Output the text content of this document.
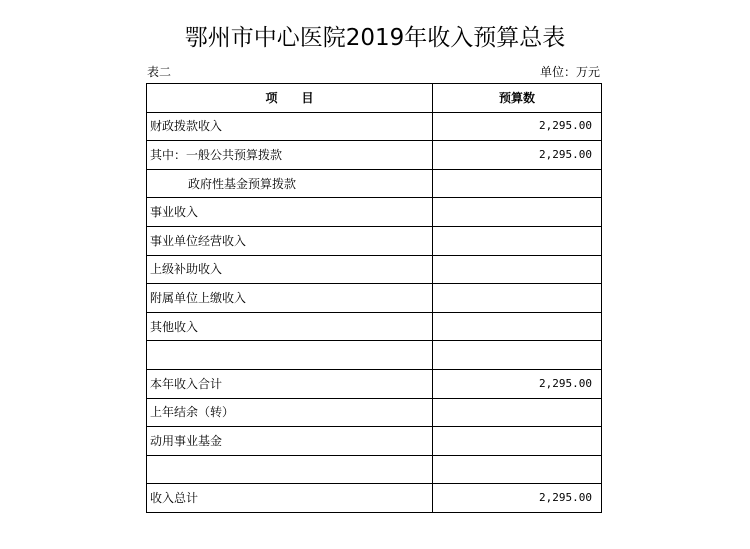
鄂州市中心医院2019年收入预算总表
表二	单位：万元
项　　目	预算数
财政拨款收入	2,295.00
其中：一般公共预算拨款	2,295.00
政府性基金预算拨款	
事业收入	
事业单位经营收入	
上级补助收入	
附属单位上缴收入	
其他收入	

本年收入合计	2,295.00
上年结余（转）	
动用事业基金	

收入总计	2,295.00
